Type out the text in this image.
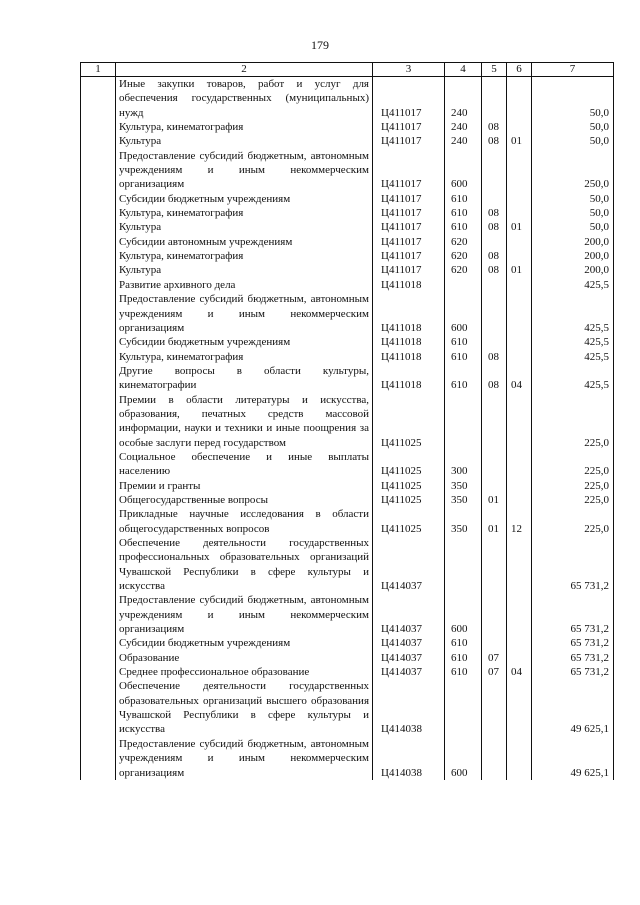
179
1	2	3	4	5	6	7
	Иные закупки товаров, работ и услуг для обеспечения государственных (муниципальных) нужд	Ц411017	240			50,0
	Культура, кинематография	Ц411017	240	08		50,0
	Культура	Ц411017	240	08	01	50,0
	Предоставление субсидий бюджетным, автономным учреждениям и иным некоммерческим организациям	Ц411017	600			250,0
	Субсидии бюджетным учреждениям	Ц411017	610			50,0
	Культура, кинематография	Ц411017	610	08		50,0
	Культура	Ц411017	610	08	01	50,0
	Субсидии автономным учреждениям	Ц411017	620			200,0
	Культура, кинематография	Ц411017	620	08		200,0
	Культура	Ц411017	620	08	01	200,0
	Развитие архивного дела	Ц411018				425,5
	Предоставление субсидий бюджетным, автономным учреждениям и иным некоммерческим организациям	Ц411018	600			425,5
	Субсидии бюджетным учреждениям	Ц411018	610			425,5
	Культура, кинематография	Ц411018	610	08		425,5
	Другие вопросы в области культуры, кинематографии	Ц411018	610	08	04	425,5
	Премии в области литературы и искусства, образования, печатных средств массовой информации, науки и техники и иные поощрения за особые заслуги перед государством	Ц411025				225,0
	Социальное обеспечение и иные выплаты населению	Ц411025	300			225,0
	Премии и гранты	Ц411025	350			225,0
	Общегосударственные вопросы	Ц411025	350	01		225,0
	Прикладные научные исследования в области общегосударственных вопросов	Ц411025	350	01	12	225,0
	Обеспечение деятельности государственных профессиональных образовательных организаций Чувашской Республики в сфере культуры и искусства	Ц414037				65 731,2
	Предоставление субсидий бюджетным, автономным учреждениям и иным некоммерческим организациям	Ц414037	600			65 731,2
	Субсидии бюджетным учреждениям	Ц414037	610			65 731,2
	Образование	Ц414037	610	07		65 731,2
	Среднее профессиональное образование	Ц414037	610	07	04	65 731,2
	Обеспечение деятельности государственных образовательных организаций высшего образования Чувашской Республики в сфере культуры и искусства	Ц414038				49 625,1
	Предоставление субсидий бюджетным, автономным учреждениям и иным некоммерческим организациям	Ц414038	600			49 625,1
